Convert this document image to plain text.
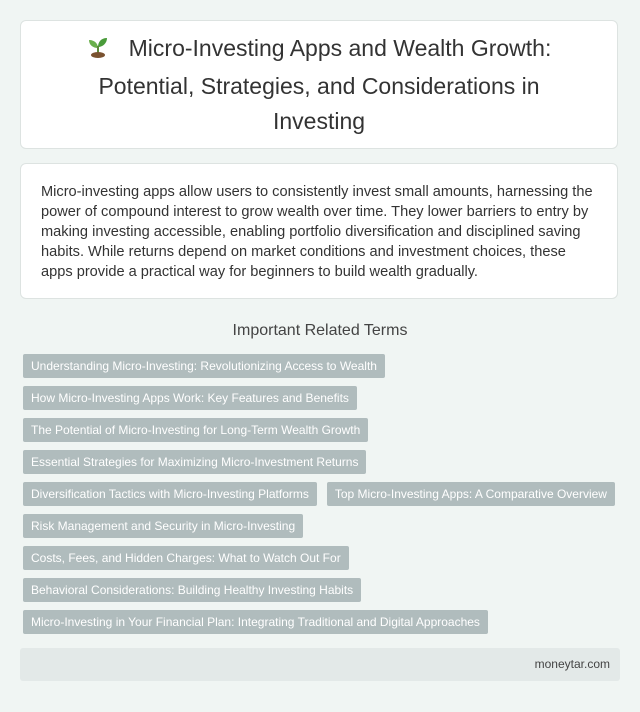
Micro-Investing Apps and Wealth Growth: Potential, Strategies, and Considerations in Investing

Micro-investing apps allow users to consistently invest small amounts, harnessing the power of compound interest to grow wealth over time. They lower barriers to entry by making investing accessible, enabling portfolio diversification and disciplined saving habits. While returns depend on market conditions and investment choices, these apps provide a practical way for beginners to build wealth gradually.

Important Related Terms
Understanding Micro-Investing: Revolutionizing Access to Wealth
How Micro-Investing Apps Work: Key Features and Benefits
The Potential of Micro-Investing for Long-Term Wealth Growth
Essential Strategies for Maximizing Micro-Investment Returns
Diversification Tactics with Micro-Investing Platforms	Top Micro-Investing Apps: A Comparative Overview
Risk Management and Security in Micro-Investing
Costs, Fees, and Hidden Charges: What to Watch Out For
Behavioral Considerations: Building Healthy Investing Habits
Micro-Investing in Your Financial Plan: Integrating Traditional and Digital Approaches
moneytar.com
